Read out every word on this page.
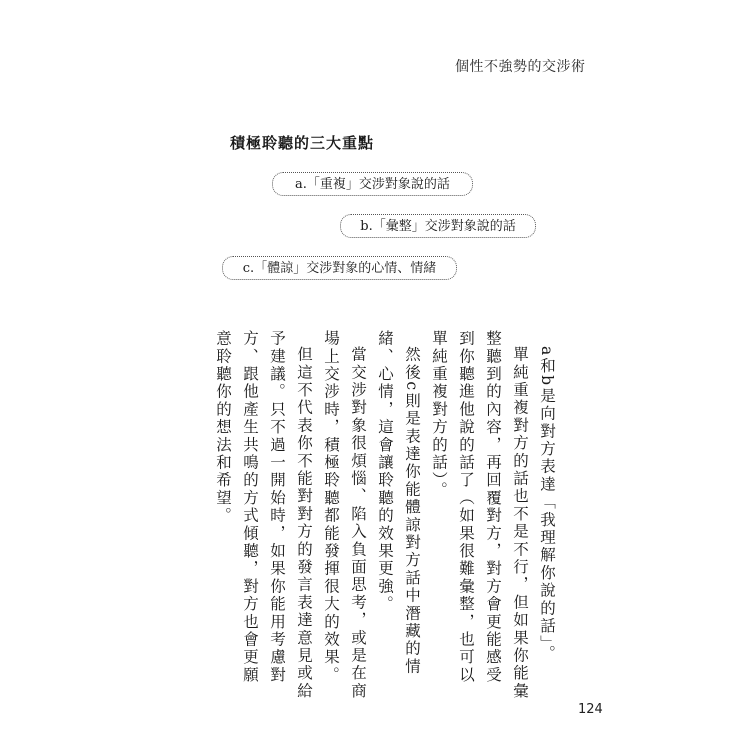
個性不強勢的交涉術
積極聆聽的三大重點
a.「重複」交涉對象說的話
b.「彙整」交涉對象說的話
c.「體諒」交涉對象的心情、情緒

a和b是向對方表達「我理解你說的話」。

單純重複對方的話也不是不行，但如果你能彙整聽到的內容，再回覆對方，對方會更能感受到你聽進他說的話了（如果很難彙整，也可以單純重複對方的話）。

然後c則是表達你能體諒對方話中潛藏的情緒、心情，這會讓聆聽的效果更強。

當交涉對象很煩惱、陷入負面思考，或是在商場上交涉時，積極聆聽都能發揮很大的效果。

但這不代表你不能對對方的發言表達意見或給予建議。只不過一開始時，如果你能用考慮對方、跟他產生共鳴的方式傾聽，對方也會更願意聆聽你的想法和希望。

124
